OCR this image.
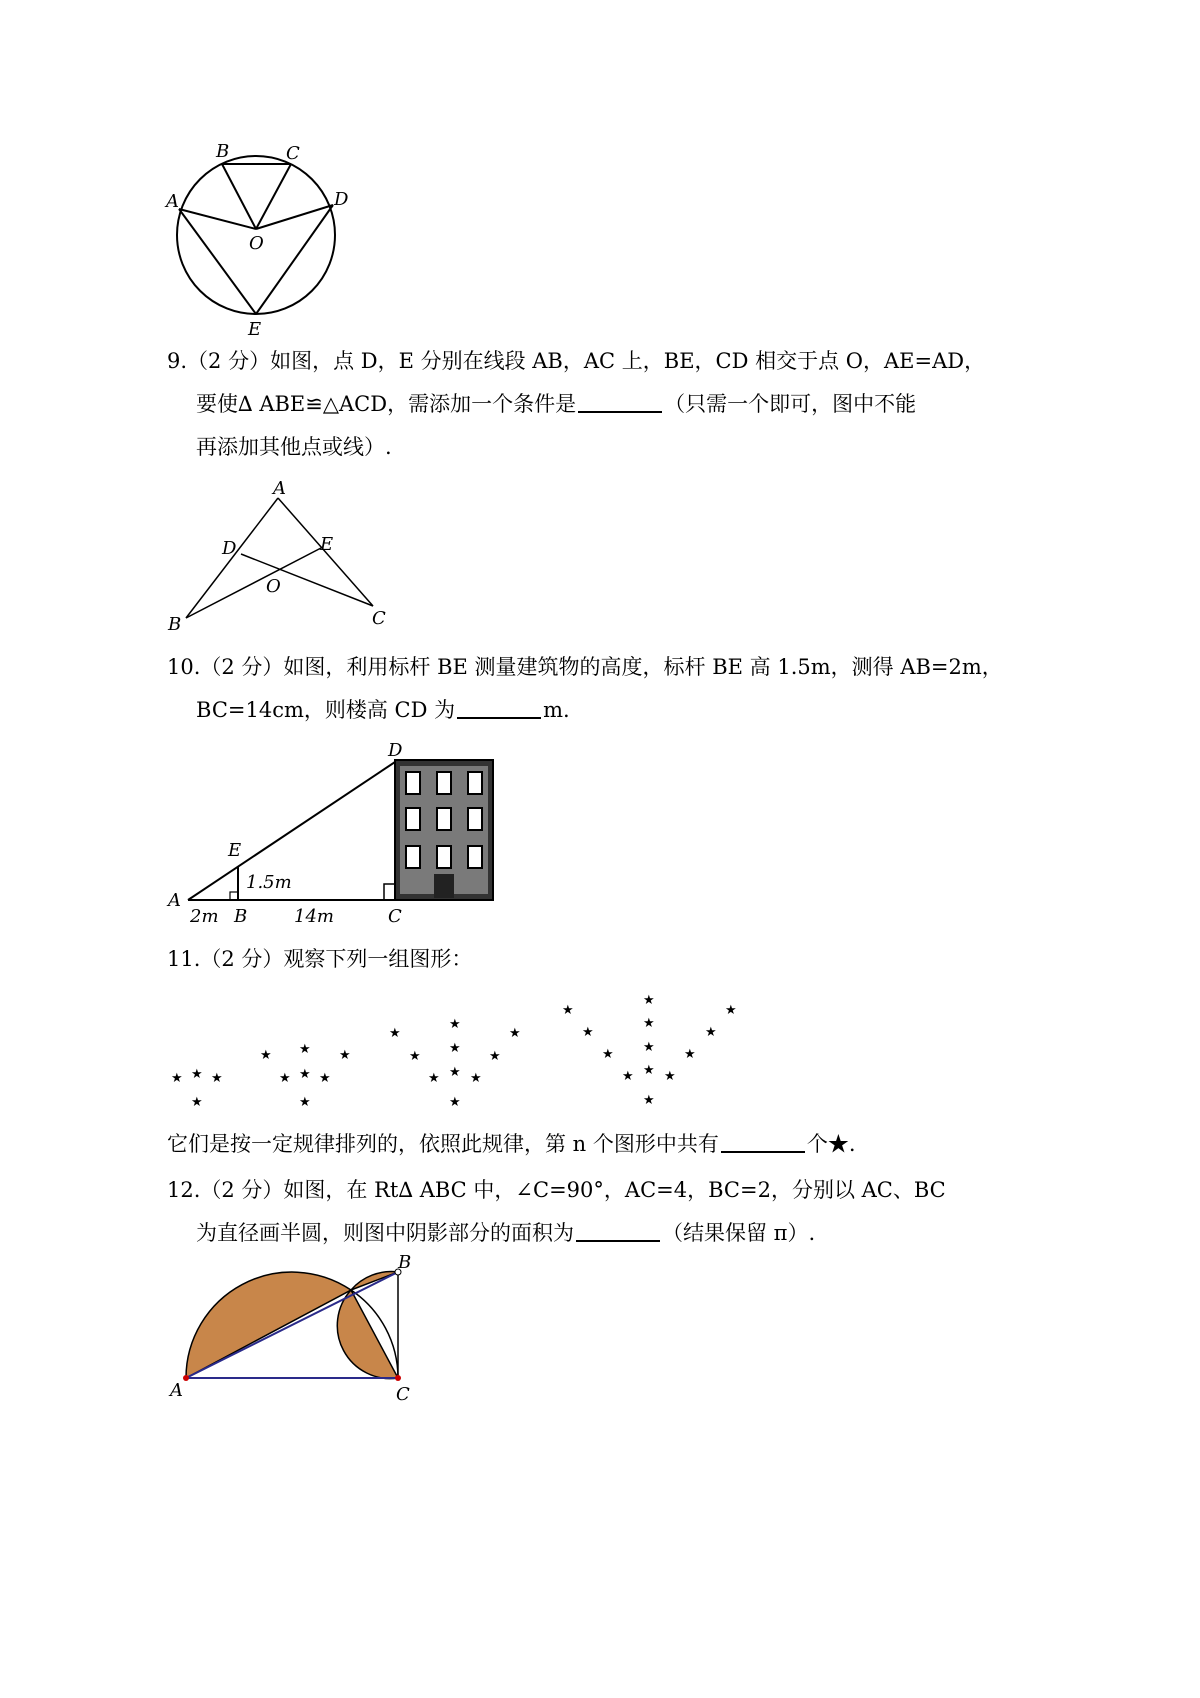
A
B	C
D
O
E
9.（2 分）如图，点 D，E 分别在线段 AB，AC 上，BE，CD 相交于点 O，AE=AD，
要使∆ ABE≌△ACD，需添加一个条件是	（只需一个即可，图中不能
再添加其他点或线）.
A
D	E
O
B	C
10.（2 分）如图，利用标杆 BE 测量建筑物的高度，标杆 BE 高 1.5m，测得 AB=2m，
BC=14cm，则楼高 CD 为	m.
D
E
1.5m
A
B	C
2m	14m
11.（2 分）观察下列一组图形：
★ ★ ★
★
★ ★ ★
★ ★ ★
★
★
★
★
★
★
★
★ ★ ★
★
★
★
★
★
★
★
★ ★ ★
★ ★ ★
★
它们是按一定规律排列的，依照此规律，第 n 个图形中共有	个★.
12.（2 分）如图，在 Rt∆ ABC 中，∠C=90°，AC=4，BC=2，分别以 AC、BC
为直径画半圆，则图中阴影部分的面积为	（结果保留 π）.
A
B
C
